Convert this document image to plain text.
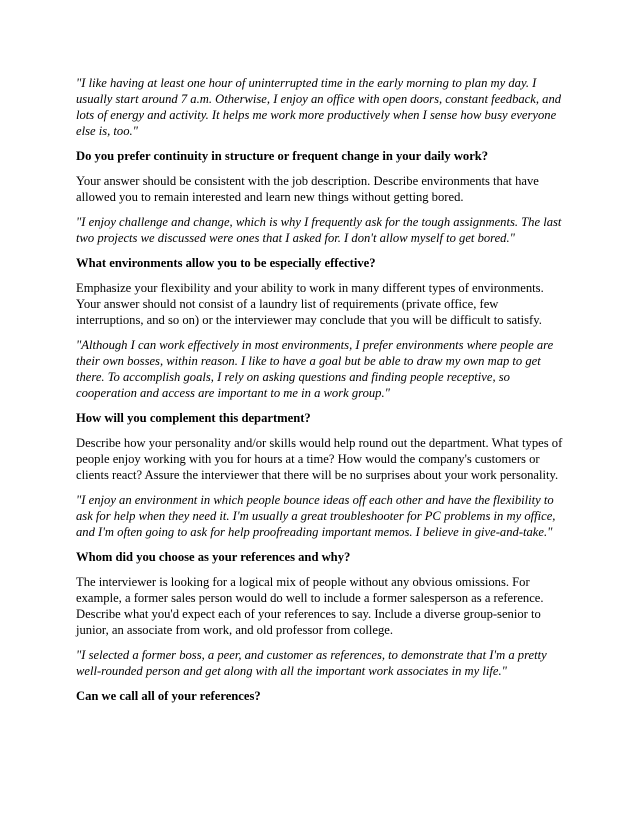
"I like having at least one hour of uninterrupted time in the early morning to plan my day. I usually start around 7 a.m. Otherwise, I enjoy an office with open doors, constant feedback, and lots of energy and activity. It helps me work more productively when I sense how busy everyone else is, too."

Do you prefer continuity in structure or frequent change in your daily work?

Your answer should be consistent with the job description. Describe environments that have allowed you to remain interested and learn new things without getting bored.

"I enjoy challenge and change, which is why I frequently ask for the tough assignments. The last two projects we discussed were ones that I asked for. I don't allow myself to get bored."

What environments allow you to be especially effective?

Emphasize your flexibility and your ability to work in many different types of environments. Your answer should not consist of a laundry list of requirements (private office, few interruptions, and so on) or the interviewer may conclude that you will be difficult to satisfy.

"Although I can work effectively in most environments, I prefer environments where people are their own bosses, within reason. I like to have a goal but be able to draw my own map to get there. To accomplish goals, I rely on asking questions and finding people receptive, so cooperation and access are important to me in a work group."

How will you complement this department?

Describe how your personality and/or skills would help round out the department. What types of people enjoy working with you for hours at a time? How would the company's customers or clients react? Assure the interviewer that there will be no surprises about your work personality.

"I enjoy an environment in which people bounce ideas off each other and have the flexibility to ask for help when they need it. I'm usually a great troubleshooter for PC problems in my office, and I'm often going to ask for help proofreading important memos. I believe in give-and-take."

Whom did you choose as your references and why?

The interviewer is looking for a logical mix of people without any obvious omissions. For example, a former sales person would do well to include a former salesperson as a reference. Describe what you'd expect each of your references to say. Include a diverse group-senior to junior, an associate from work, and old professor from college.

"I selected a former boss, a peer, and customer as references, to demonstrate that I'm a pretty well-rounded person and get along with all the important work associates in my life."

Can we call all of your references?
